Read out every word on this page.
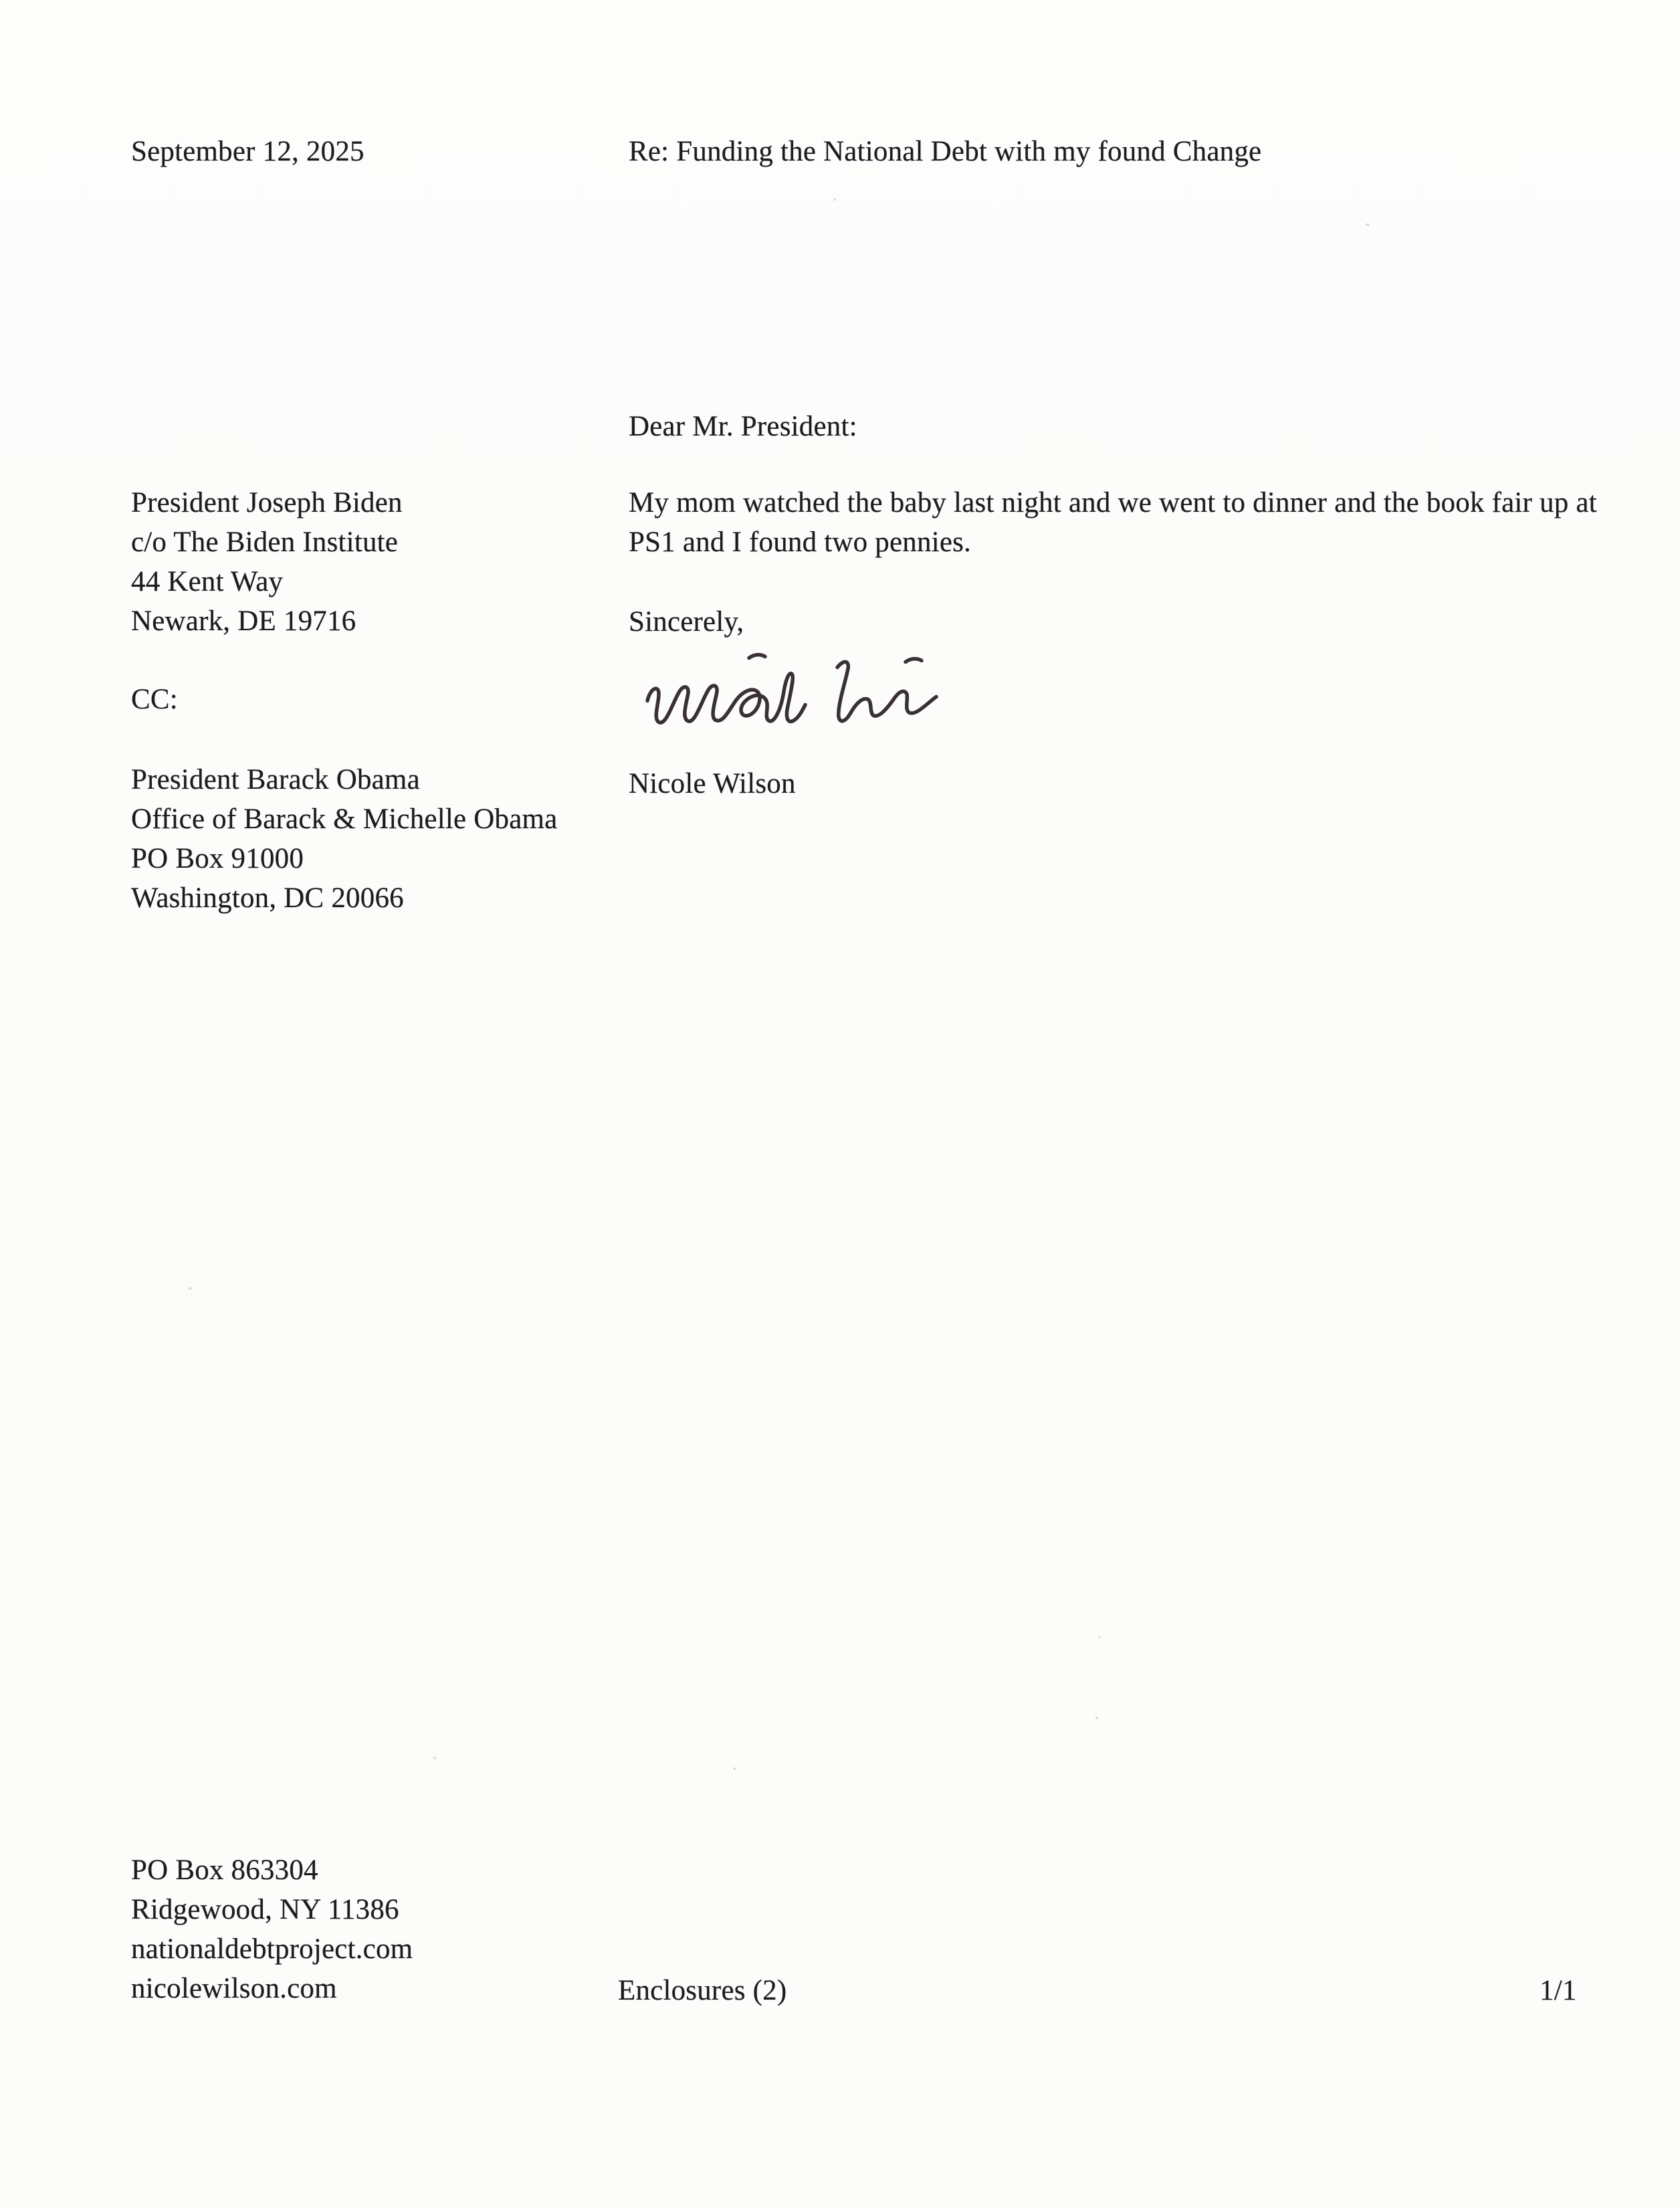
September 12, 2025	Re: Funding the National Debt with my found Change
President Joseph Biden
c/o The Biden Institute
44 Kent Way
Newark, DE 19716
CC:
President Barack Obama
Office of Barack & Michelle Obama
PO Box 91000
Washington, DC 20066
Dear Mr. President:
My mom watched the baby last night and we went to dinner and the book fair up at PS1 and I found two pennies.
Sincerely,
Nicole Wilson
PO Box 863304
Ridgewood, NY 11386
nationaldebtproject.com
nicolewilson.com	Enclosures (2)	1/1
